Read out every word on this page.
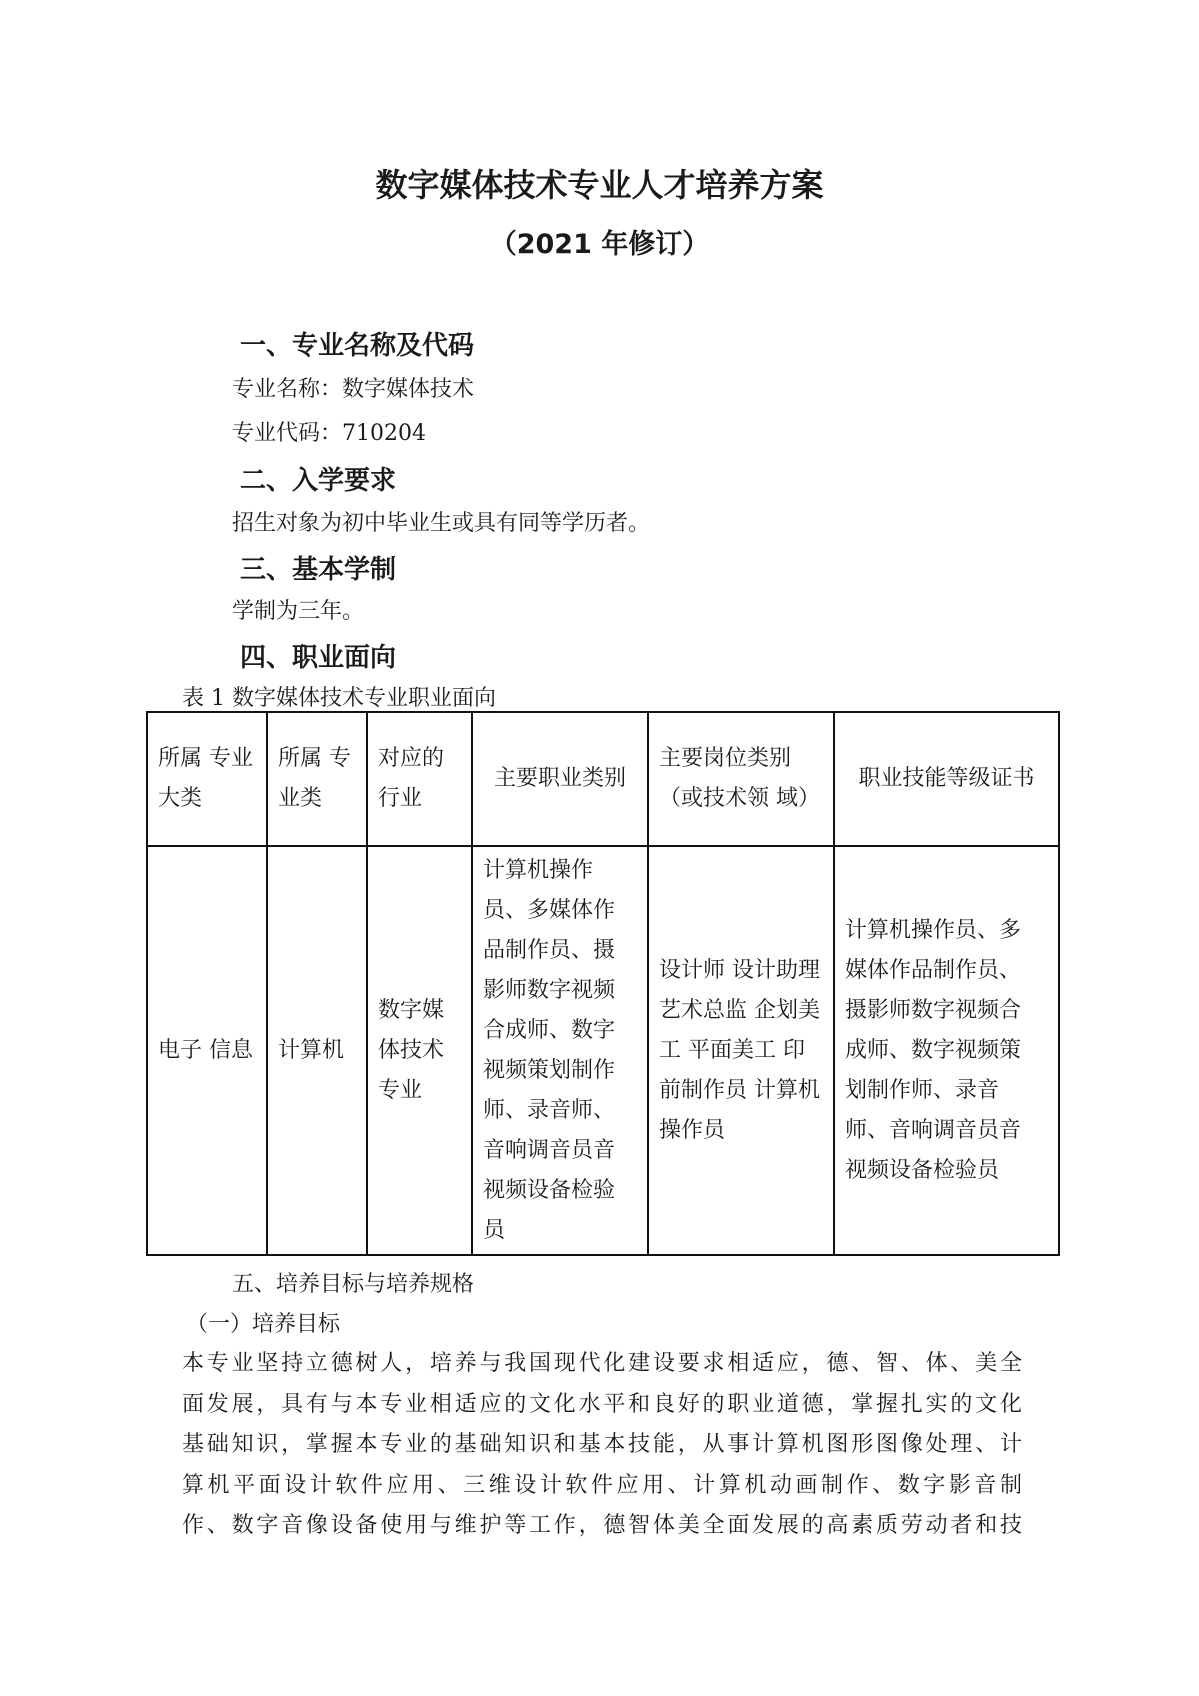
数字媒体技术专业人才培养方案
（2021 年修订）
一、专业名称及代码
专业名称：数字媒体技术
专业代码：710204
二、入学要求
招生对象为初中毕业生或具有同等学历者。
三、基本学制
学制为三年。
四、职业面向
表 1 数字媒体技术专业职业面向
所属 专业大类	所属 专业类	对应的 行业	主要职业类别	主要岗位类别 （或技术领 域）	职业技能等级证书
电子 信息	计算机	数字媒 体技术 专业	计算机操作 员、多媒体作 品制作员、摄 影师数字视频 合成师、数字 视频策划制作 师、录音师、 音响调音员音 视频设备检验 员	设计师 设计助理 艺术总监 企划美工 平面美工 印前制作员 计算机操作员	计算机操作员、多 媒体作品制作员、 摄影师数字视频合 成师、数字视频策 划制作师、录音 师、音响调音员音 视频设备检验员
五、培养目标与培养规格
（一）培养目标
本专业坚持立德树人，培养与我国现代化建设要求相适应，德、智、体、美全
面发展，具有与本专业相适应的文化水平和良好的职业道德，掌握扎实的文化
基础知识，掌握本专业的基础知识和基本技能，从事计算机图形图像处理、计
算机平面设计软件应用、三维设计软件应用、计算机动画制作、数字影音制
作、数字音像设备使用与维护等工作，德智体美全面发展的高素质劳动者和技
